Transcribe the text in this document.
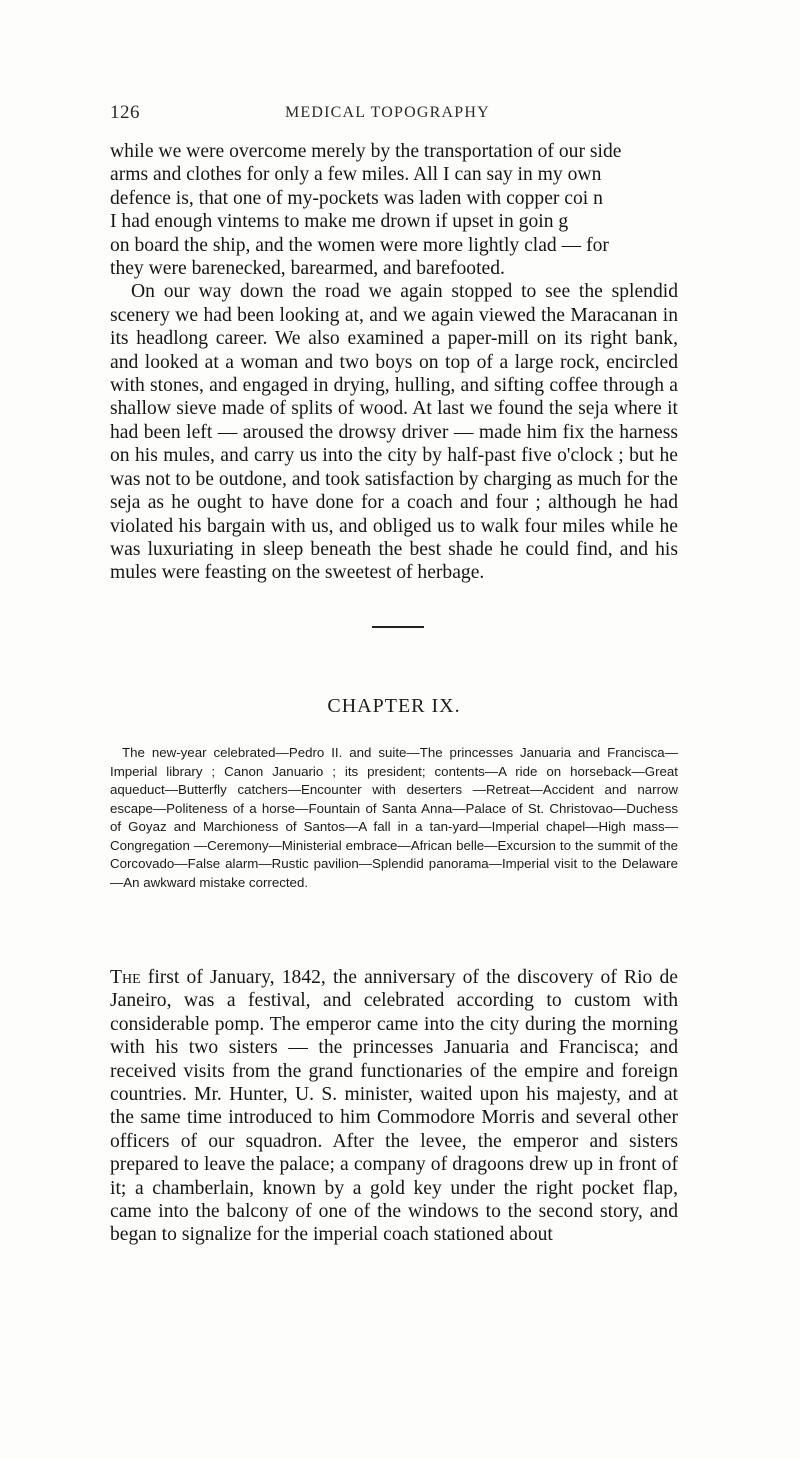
126	MEDICAL TOPOGRAPHY

while we were overcome merely by the transportation of our side

arms and clothes for only a few miles. All I can say in my own

defence is, that one of my-pockets was laden with copper coi n

I had enough vintems to make me drown if upset in goin g

on board the ship, and the women were more lightly clad — for

they were barenecked, barearmed, and barefooted.

On our way down the road we again stopped to see the splendid scenery we had been looking at, and we again viewed the Maracanan in its headlong career. We also examined a paper-mill on its right bank, and looked at a woman and two boys on top of a large rock, encircled with stones, and engaged in drying, hulling, and sifting coffee through a shallow sieve made of splits of wood. At last we found the seja where it had been left — aroused the drowsy driver — made him fix the harness on his mules, and carry us into the city by half-past five o'clock ; but he was not to be outdone, and took satisfaction by charging as much for the seja as he ought to have done for a coach and four ; although he had violated his bargain with us, and obliged us to walk four miles while he was luxuriating in sleep beneath the best shade he could find, and his mules were feasting on the sweetest of herbage.

CHAPTER IX.
The new-year celebrated—Pedro II. and suite—The princesses Januaria and Francisca—Imperial library ; Canon Januario ; its president; contents—A ride on horseback—Great aqueduct—Butterfly catchers—Encounter with deserters —Retreat—Accident and narrow escape—Politeness of a horse—Fountain of Santa Anna—Palace of St. Christovao—Duchess of Goyaz and Marchioness of Santos—A fall in a tan-yard—Imperial chapel—High mass—Congregation —Ceremony—Ministerial embrace—African belle—Excursion to the summit of the Corcovado—False alarm—Rustic pavilion—Splendid panorama—Imperial visit to the Delaware—An awkward mistake corrected.

The first of January, 1842, the anniversary of the discovery of Rio de Janeiro, was a festival, and celebrated according to custom with considerable pomp. The emperor came into the city during the morning with his two sisters — the princesses Januaria and Francisca; and received visits from the grand functionaries of the empire and foreign countries. Mr. Hunter, U. S. minister, waited upon his majesty, and at the same time introduced to him Commodore Morris and several other officers of our squadron. After the levee, the emperor and sisters prepared to leave the palace; a company of dragoons drew up in front of it; a chamberlain, known by a gold key under the right pocket flap, came into the balcony of one of the windows to the second story, and began to signalize for the imperial coach stationed about
